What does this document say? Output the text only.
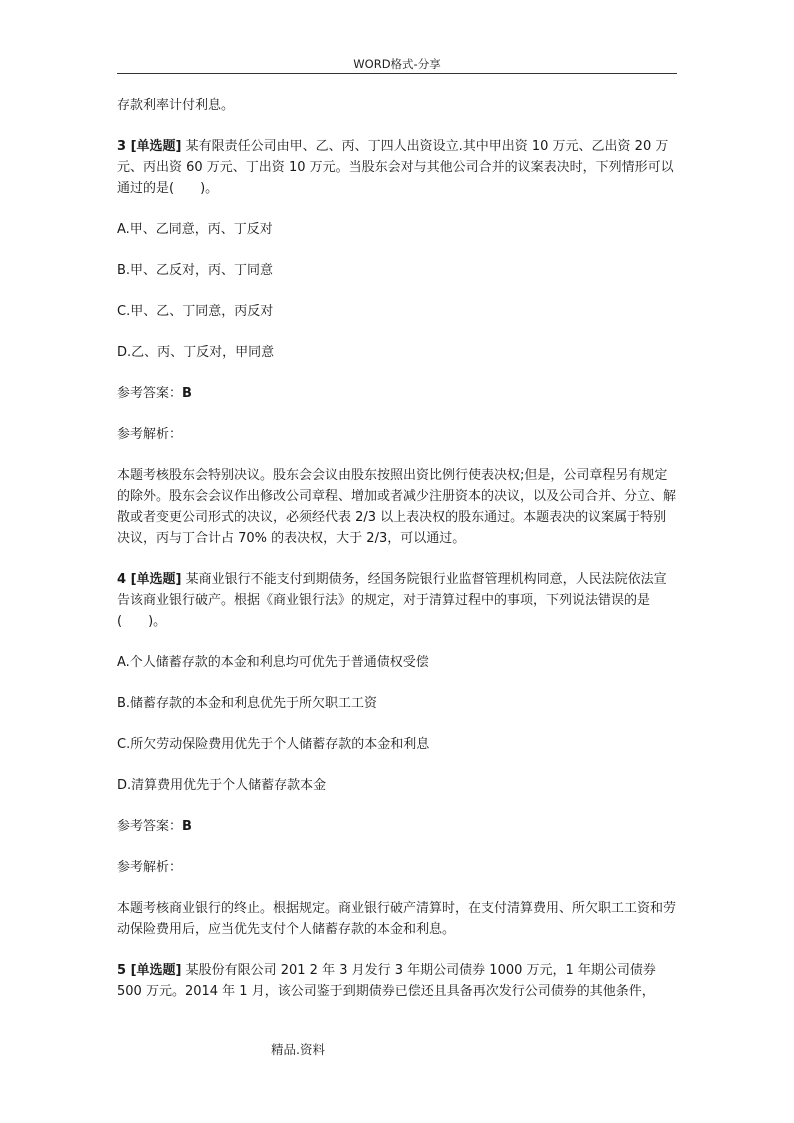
WORD格式-分享

存款利率计付利息。

3 [单选题] 某有限责任公司由甲、乙、丙、丁四人出资设立.其中甲出资 10 万元、乙出资 20 万元、丙出资 60 万元、丁出资 10 万元。当股东会对与其他公司合并的议案表决时，下列情形可以通过的是(　　)。

A.甲、乙同意，丙、丁反对

B.甲、乙反对，丙、丁同意

C.甲、乙、丁同意，丙反对

D.乙、丙、丁反对，甲同意

参考答案：B

参考解析：

本题考核股东会特别决议。股东会会议由股东按照出资比例行使表决权;但是，公司章程另有规定的除外。股东会会议作出修改公司章程、增加或者减少注册资本的决议，以及公司合并、分立、解散或者变更公司形式的决议，必须经代表 2/3 以上表决权的股东通过。本题表决的议案属于特别决议，丙与丁合计占 70% 的表决权，大于 2/3，可以通过。

4 [单选题] 某商业银行不能支付到期债务，经国务院银行业监督管理机构同意，人民法院依法宣告该商业银行破产。根据《商业银行法》的规定，对于清算过程中的事项，下列说法错误的是(　　)。

A.个人储蓄存款的本金和利息均可优先于普通债权受偿

B.储蓄存款的本金和利息优先于所欠职工工资

C.所欠劳动保险费用优先于个人储蓄存款的本金和利息

D.清算费用优先于个人储蓄存款本金

参考答案：B

参考解析：

本题考核商业银行的终止。根据规定。商业银行破产清算时，在支付清算费用、所欠职工工资和劳动保险费用后，应当优先支付个人储蓄存款的本金和利息。

5 [单选题] 某股份有限公司 201 2 年 3 月发行 3 年期公司债券 1000 万元，1 年期公司债券 500 万元。2014 年 1 月，该公司鉴于到期债券已偿还且具备再次发行公司债券的其他条件，

精品.资料
